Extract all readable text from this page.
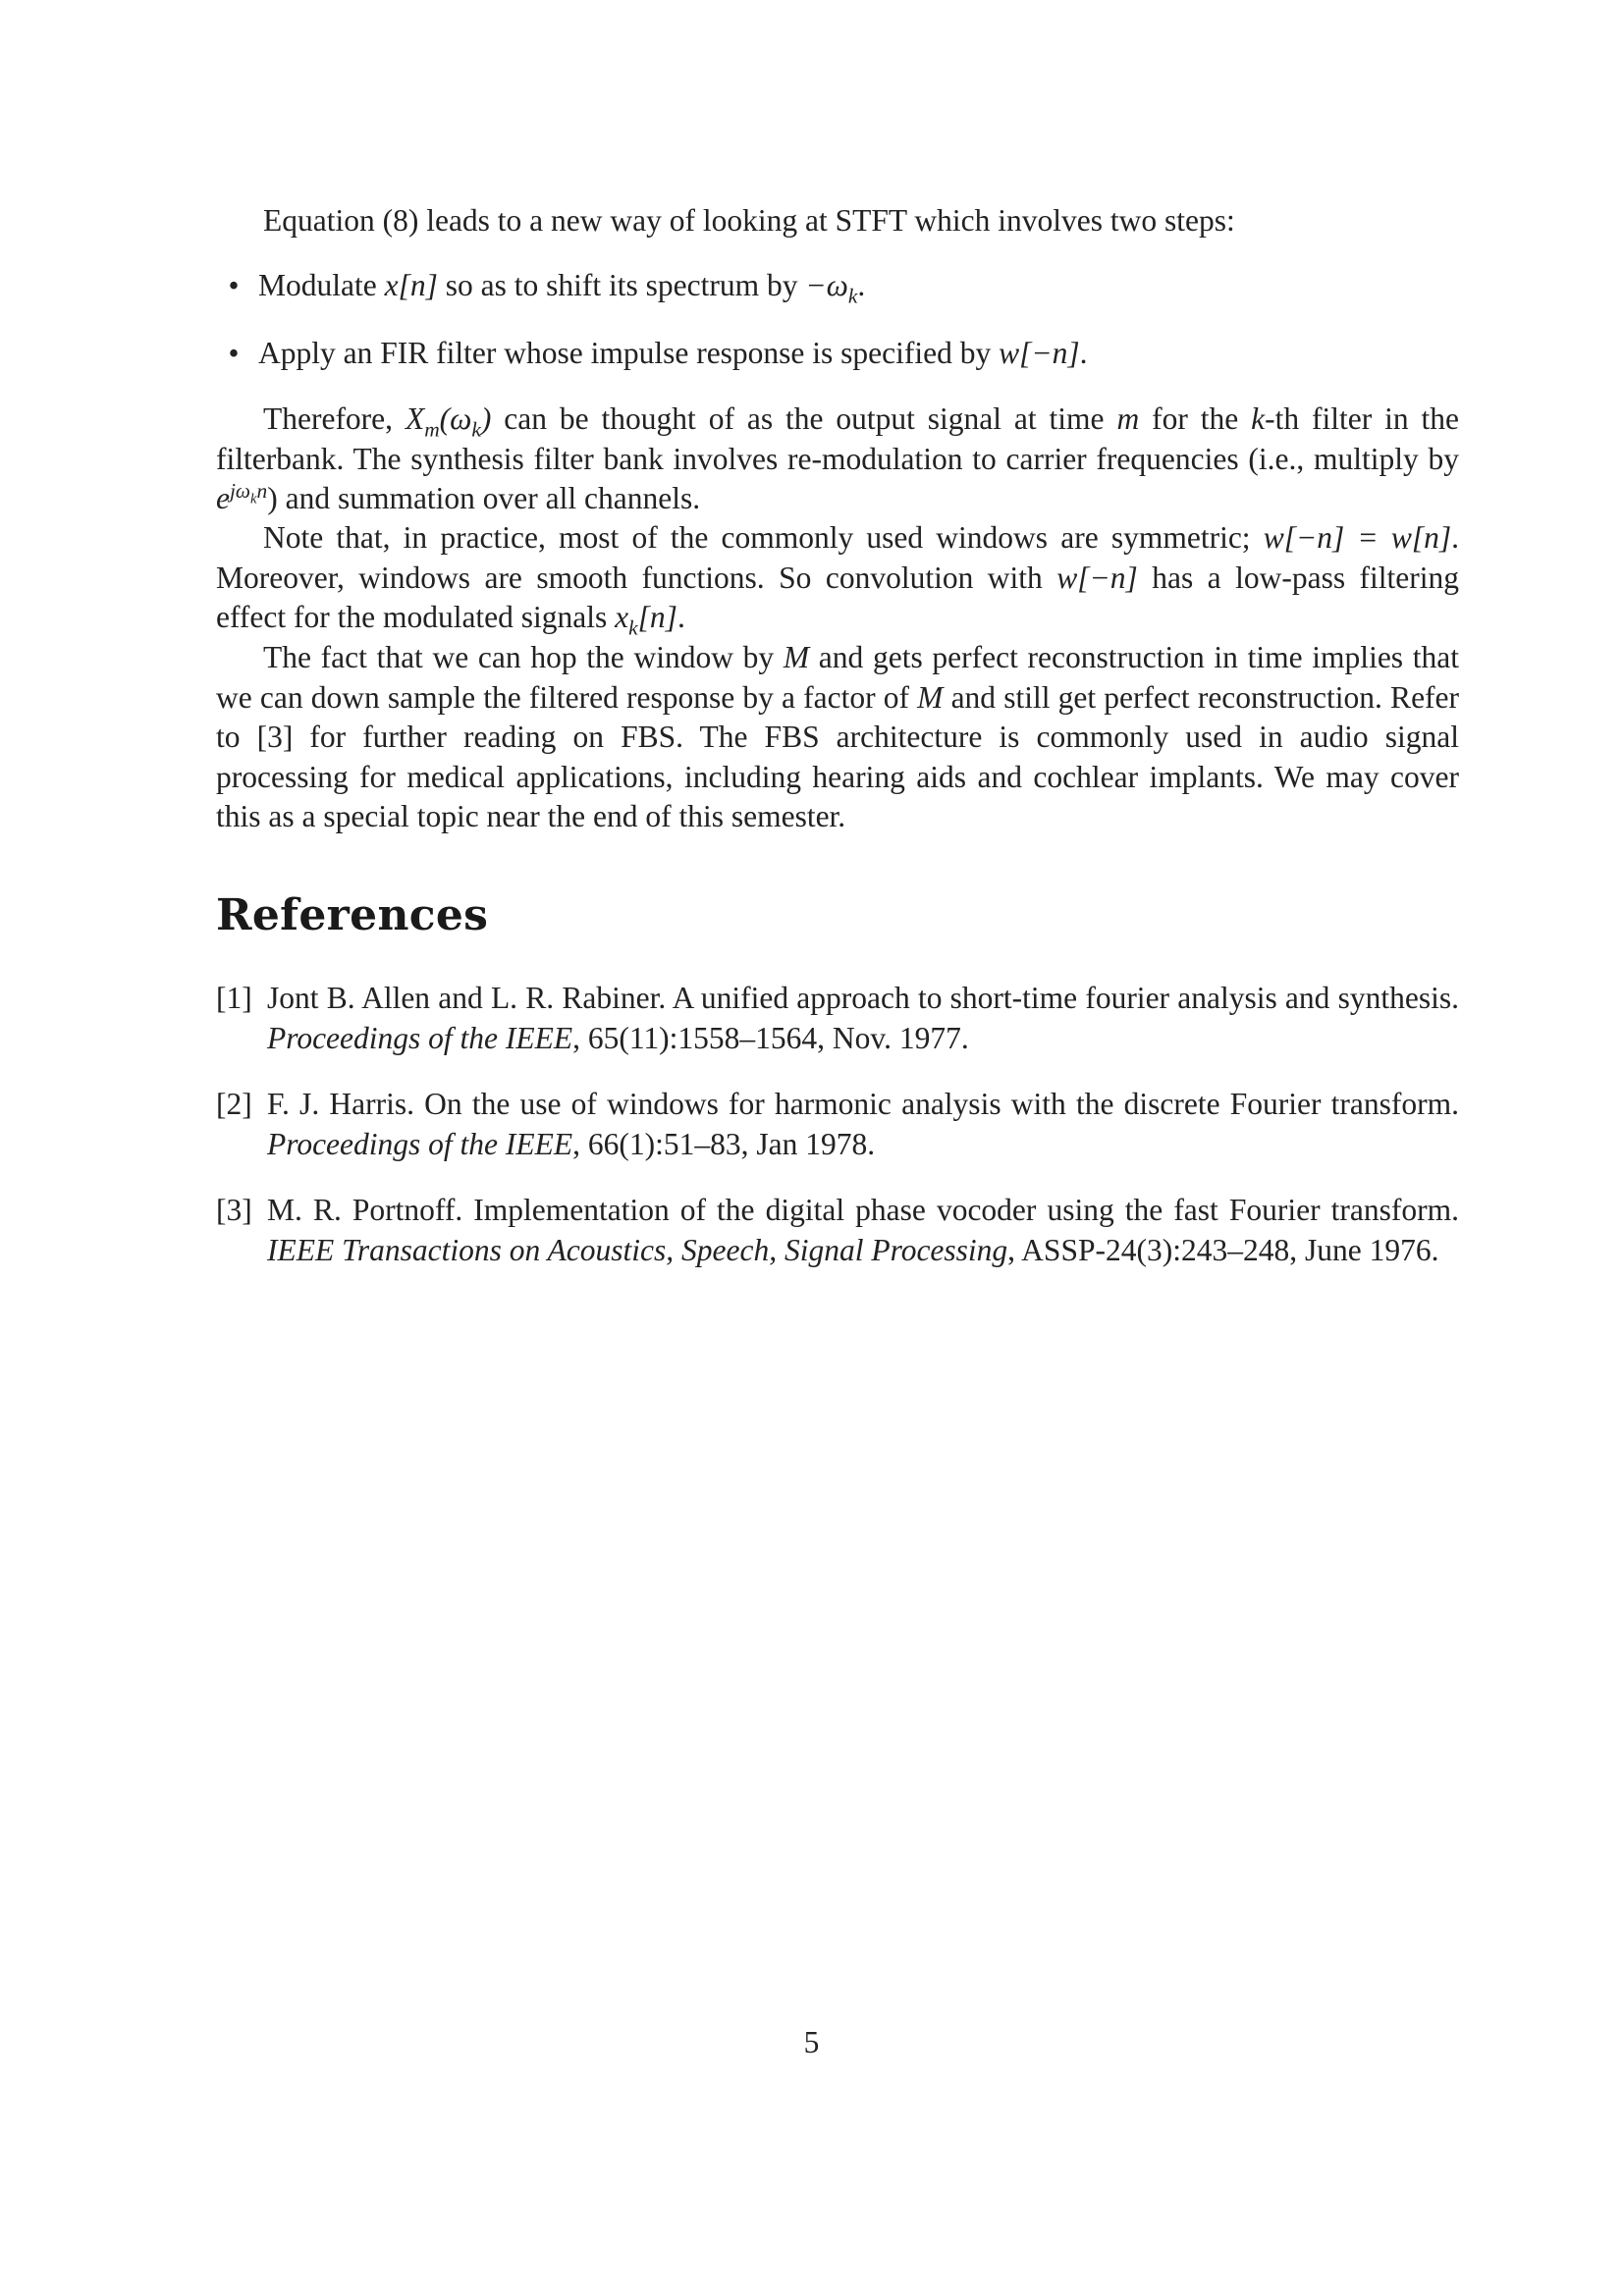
Equation (8) leads to a new way of looking at STFT which involves two steps:
• Modulate x[n] so as to shift its spectrum by $-\omega_k$.
• Apply an FIR filter whose impulse response is specified by w[−n].
Therefore, $X_m(\omega_k)$ can be thought of as the output signal at time m for the k-th filter in the filterbank. The synthesis filter bank involves re-modulation to carrier frequencies (i.e., multiply by $e^{j\omega_kn}$) and summation over all channels.
Note that, in practice, most of the commonly used windows are symmetric; w[−n] = w[n]. Moreover, windows are smooth functions. So convolution with w[−n] has a low-pass filtering effect for the modulated signals $x_k[n]$.
The fact that we can hop the window by M and gets perfect reconstruction in time implies that we can down sample the filtered response by a factor of M and still get perfect reconstruction. Refer to [3] for further reading on FBS. The FBS architecture is commonly used in audio signal processing for medical applications, including hearing aids and cochlear implants. We may cover this as a special topic near the end of this semester.
References
[1] Jont B. Allen and L. R. Rabiner. A unified approach to short-time fourier analysis and synthesis. Proceedings of the IEEE, 65(11):1558–1564, Nov. 1977.
[2] F. J. Harris. On the use of windows for harmonic analysis with the discrete Fourier transform. Proceedings of the IEEE, 66(1):51–83, Jan 1978.
[3] M. R. Portnoff. Implementation of the digital phase vocoder using the fast Fourier transform. IEEE Transactions on Acoustics, Speech, Signal Processing, ASSP-24(3):243–248, June 1976.
5
